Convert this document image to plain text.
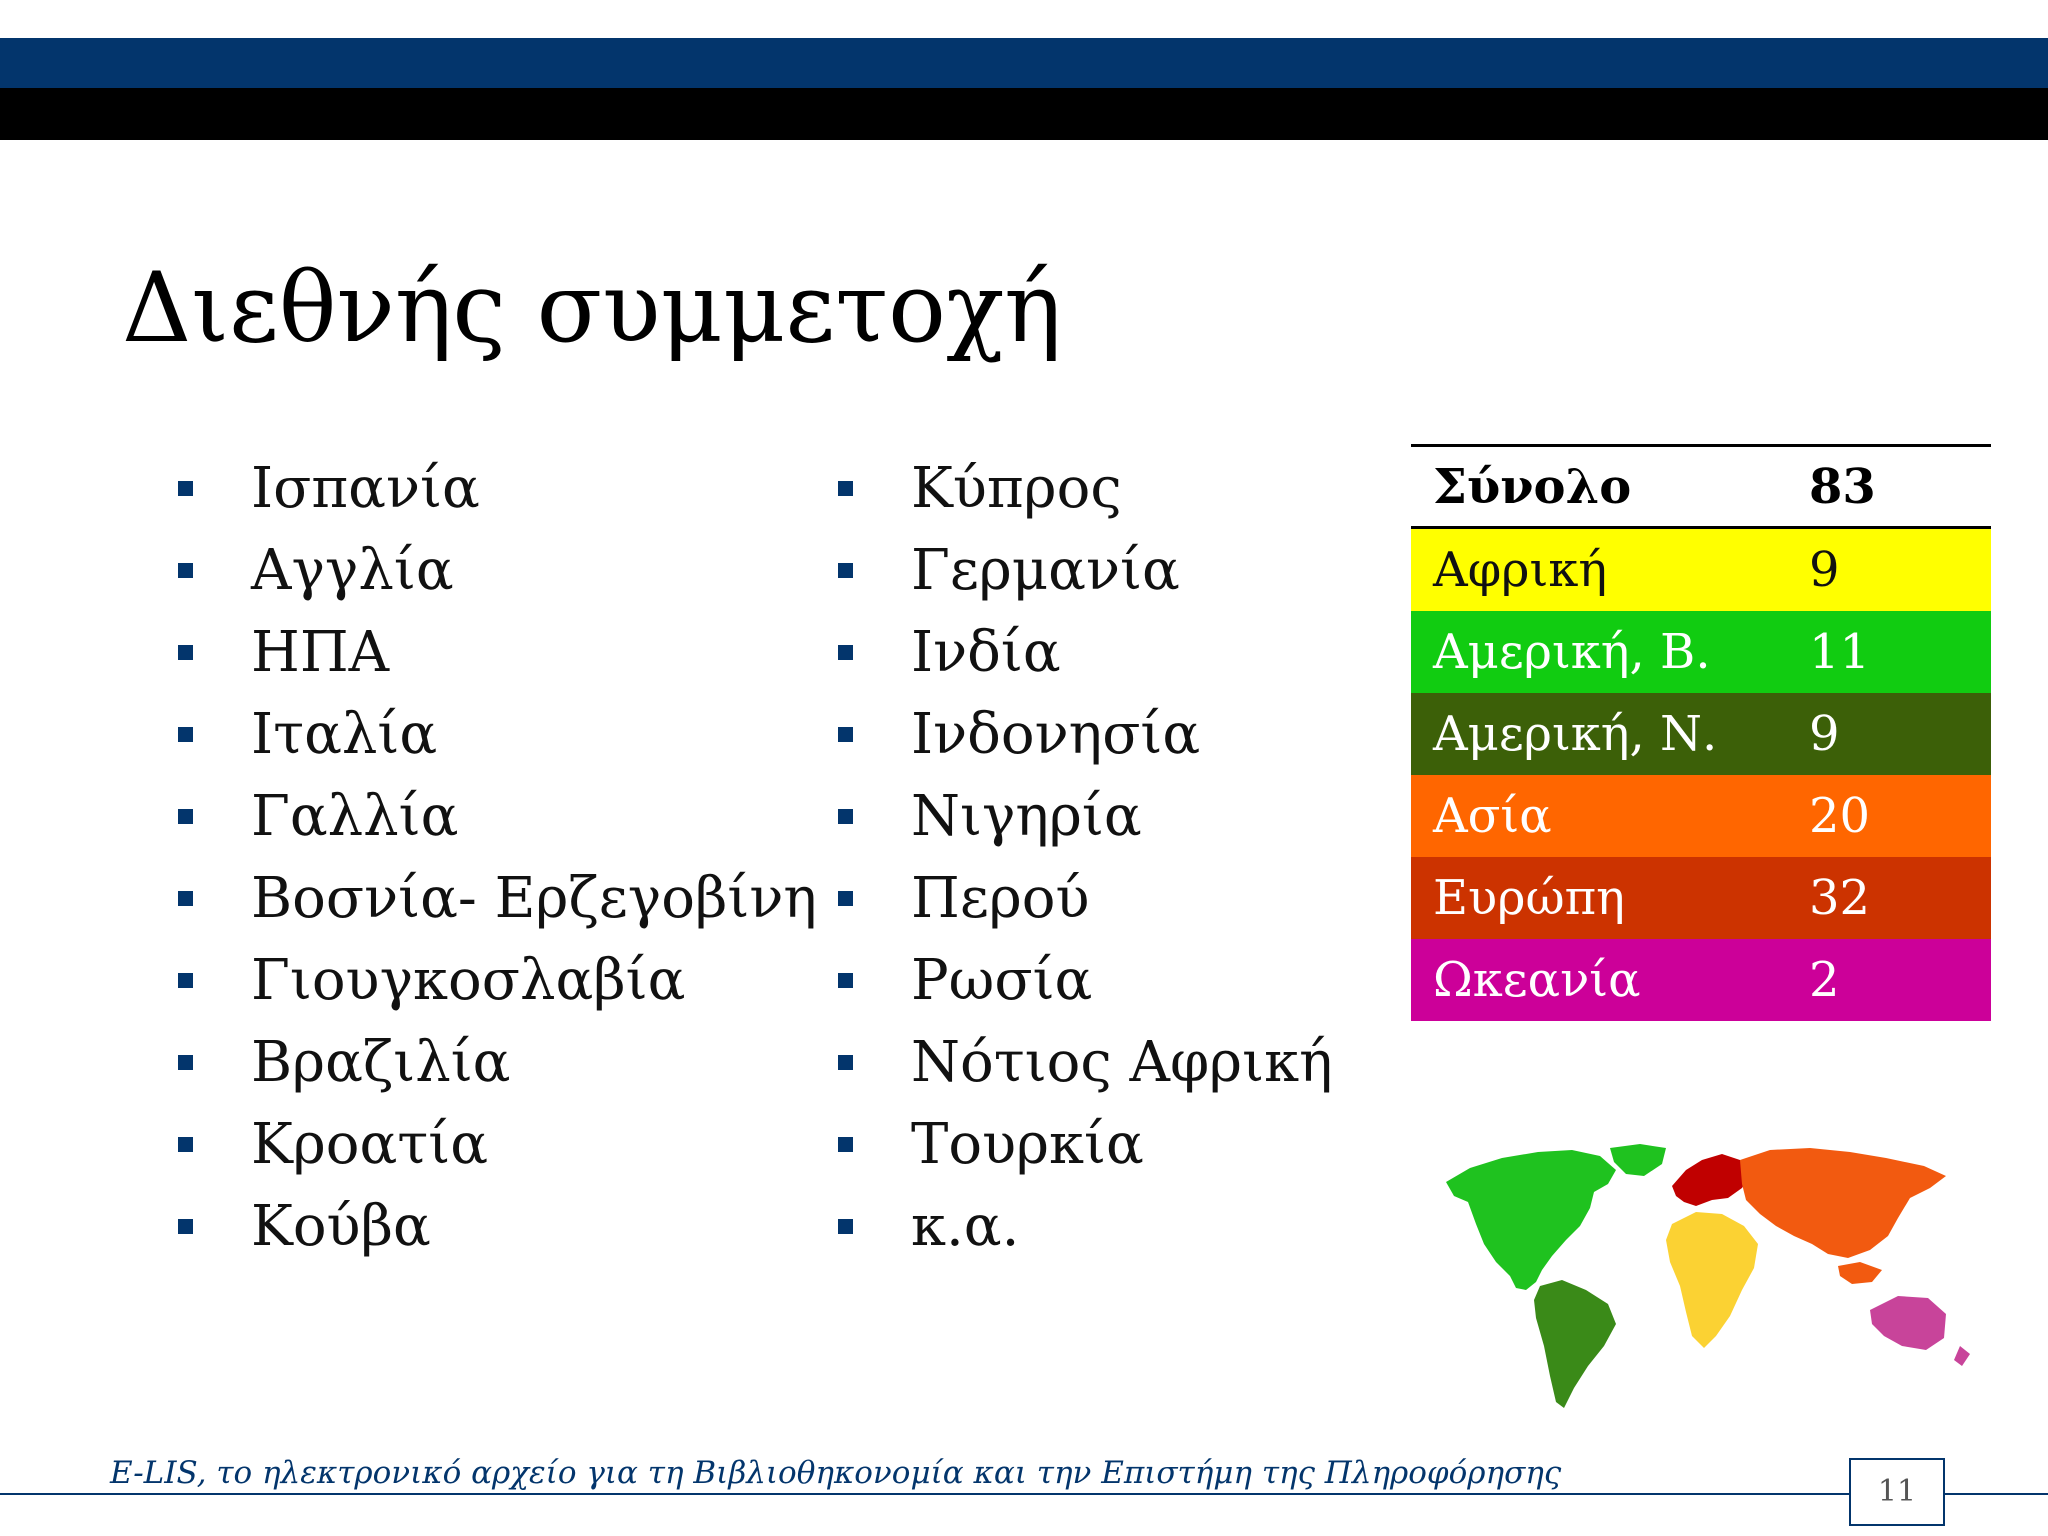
Διεθνής συμμετοχή
Ισπανία
Αγγλία
ΗΠΑ
Ιταλία
Γαλλία
Βοσνία- Ερζεγοβίνη
Γιουγκοσλαβία
Βραζιλία
Κροατία
Κούβα
Κύπρος
Γερμανία
Ινδία
Ινδονησία
Νιγηρία
Περού
Ρωσία
Νότιος Αφρική
Τουρκία
κ.α.
Σύνολο	83
Αφρική	9
Αμερική, Β. 11
Αμερική, Ν. 9
Ασία	20
Ευρώπη	32
Ωκεανία	2
E-LIS, το ηλεκτρονικό αρχείο για τη Βιβλιοθηκονομία και την Επιστήμη της Πληροφόρησης
11
